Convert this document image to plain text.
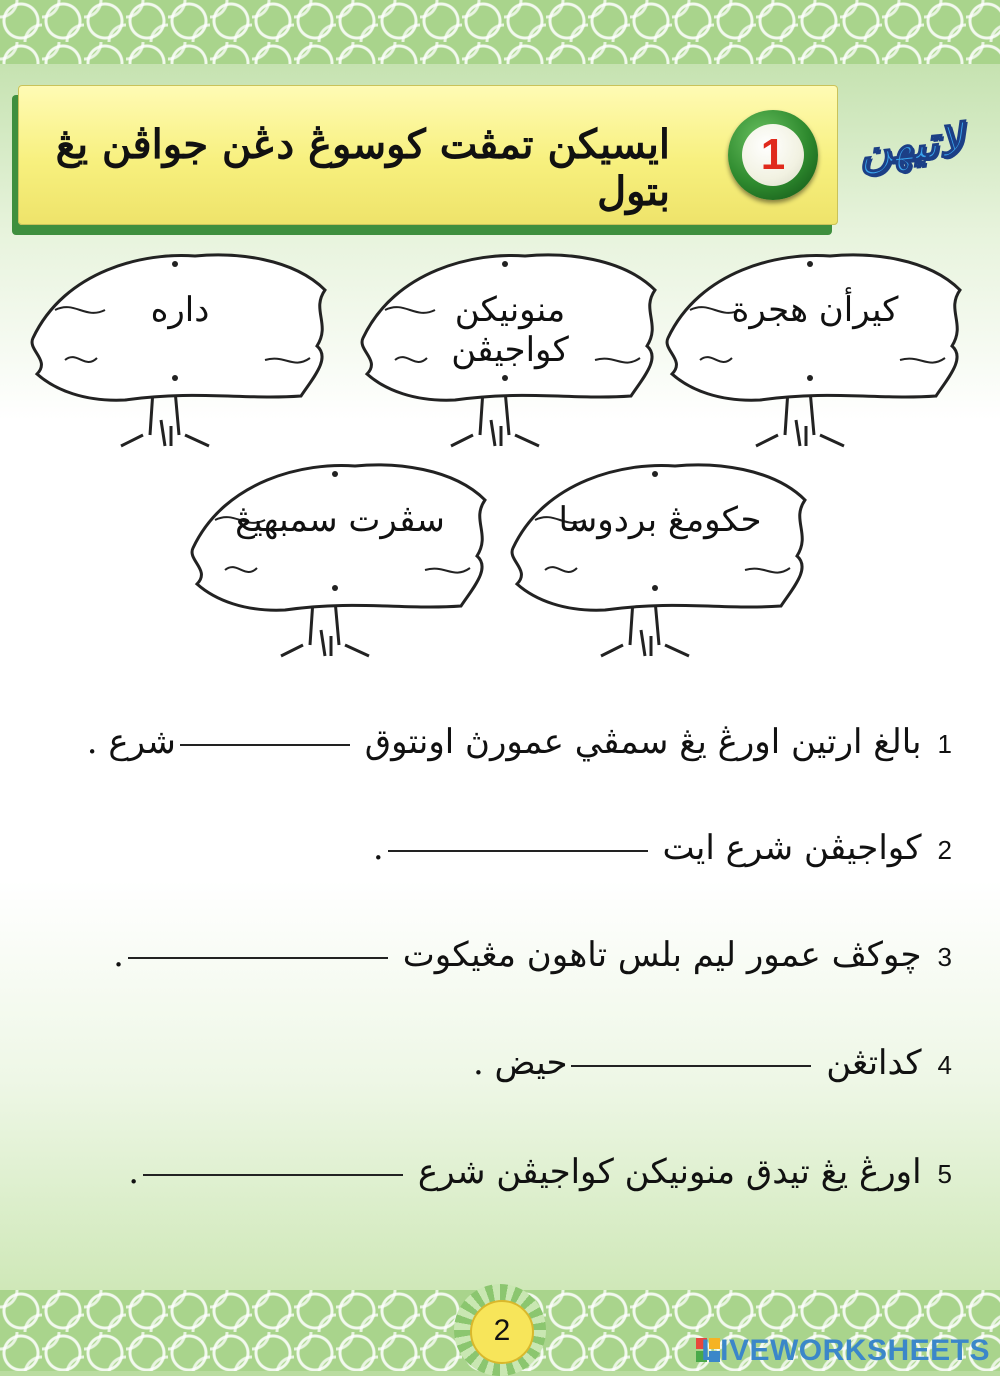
ايسيكن تمڤت كوسوڠ دڠن جواڤن يڠ بتول
1	لاتيهن
كيرأن هجرة
منونيكن كواجيڤن
داره
حكومڠ بردوسا
سڤرت سمبهيڠ
1بالغ ارتين اورڠ يڠ سمڤي عمورڽ اونتوق شرع .
2كواجيڤن شرع ايت .
3چوكڤ عمور ليم بلس تاهون مڠيكوت .
4كداتڠن حيض .
5اورڠ يڠ تيدق منونيكن كواجيڤن شرع .
2
LIVEWORKSHEETS
